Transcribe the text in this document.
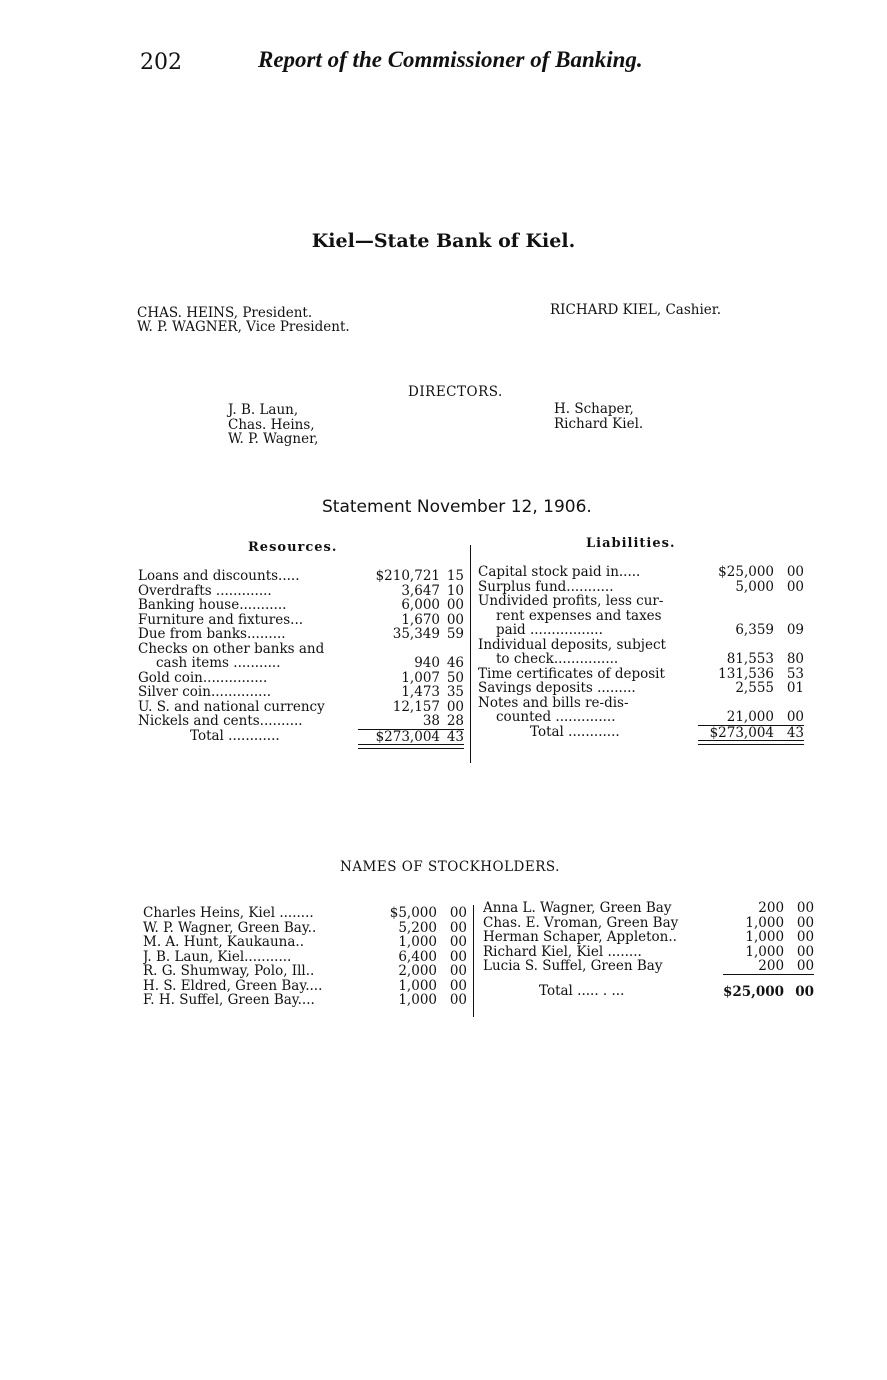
202	Report of the Commissioner of Banking.
Kiel—State Bank of Kiel.
CHAS. HEINS, President.
W. P. WAGNER, Vice President.
RICHARD KIEL, Cashier.
DIRECTORS.
J. B. Laun,
Chas. Heins,
W. P. Wagner,
H. Schaper,
Richard Kiel.
Statement November 12, 1906.
Resources.	Liabilities.
Loans and discounts.....	$210,721	15
Overdrafts .............	3,647	10
Banking house...........	6,000	00
Furniture and fixtures...	1,670	00
Due from banks.........	35,349	59
Checks on other banks and		
cash items ...........	940	46
Gold coin...............	1,007	50
Silver coin..............	1,473	35
U. S. and national currency	12,157	00
Nickels and cents..........	38	28
Total ............	$273,004	43

Capital stock paid in.....	$25,000	00
Surplus fund...........	5,000	00
Undivided profits, less cur-		
rent expenses and taxes		
paid .................	6,359	09
Individual deposits, subject		
to check...............	81,553	80
Time certificates of deposit	131,536	53
Savings deposits .........	2,555	01
Notes and bills re-dis-		
counted ..............	21,000	00
Total ............	$273,004	43

NAMES OF STOCKHOLDERS.
Charles Heins, Kiel ........	$5,000	00
W. P. Wagner, Green Bay..	5,200	00
M. A. Hunt, Kaukauna..	1,000	00
J. B. Laun, Kiel...........	6,400	00
R. G. Shumway, Polo, Ill..	2,000	00
H. S. Eldred, Green Bay....	1,000	00
F. H. Suffel, Green Bay....	1,000	00
Anna L. Wagner, Green Bay	200	00
Chas. E. Vroman, Green Bay	1,000	00
Herman Schaper, Appleton..	1,000	00
Richard Kiel, Kiel ........	1,000	00
Lucia S. Suffel, Green Bay	200	00
Total ..... . ...	$25,000	00
